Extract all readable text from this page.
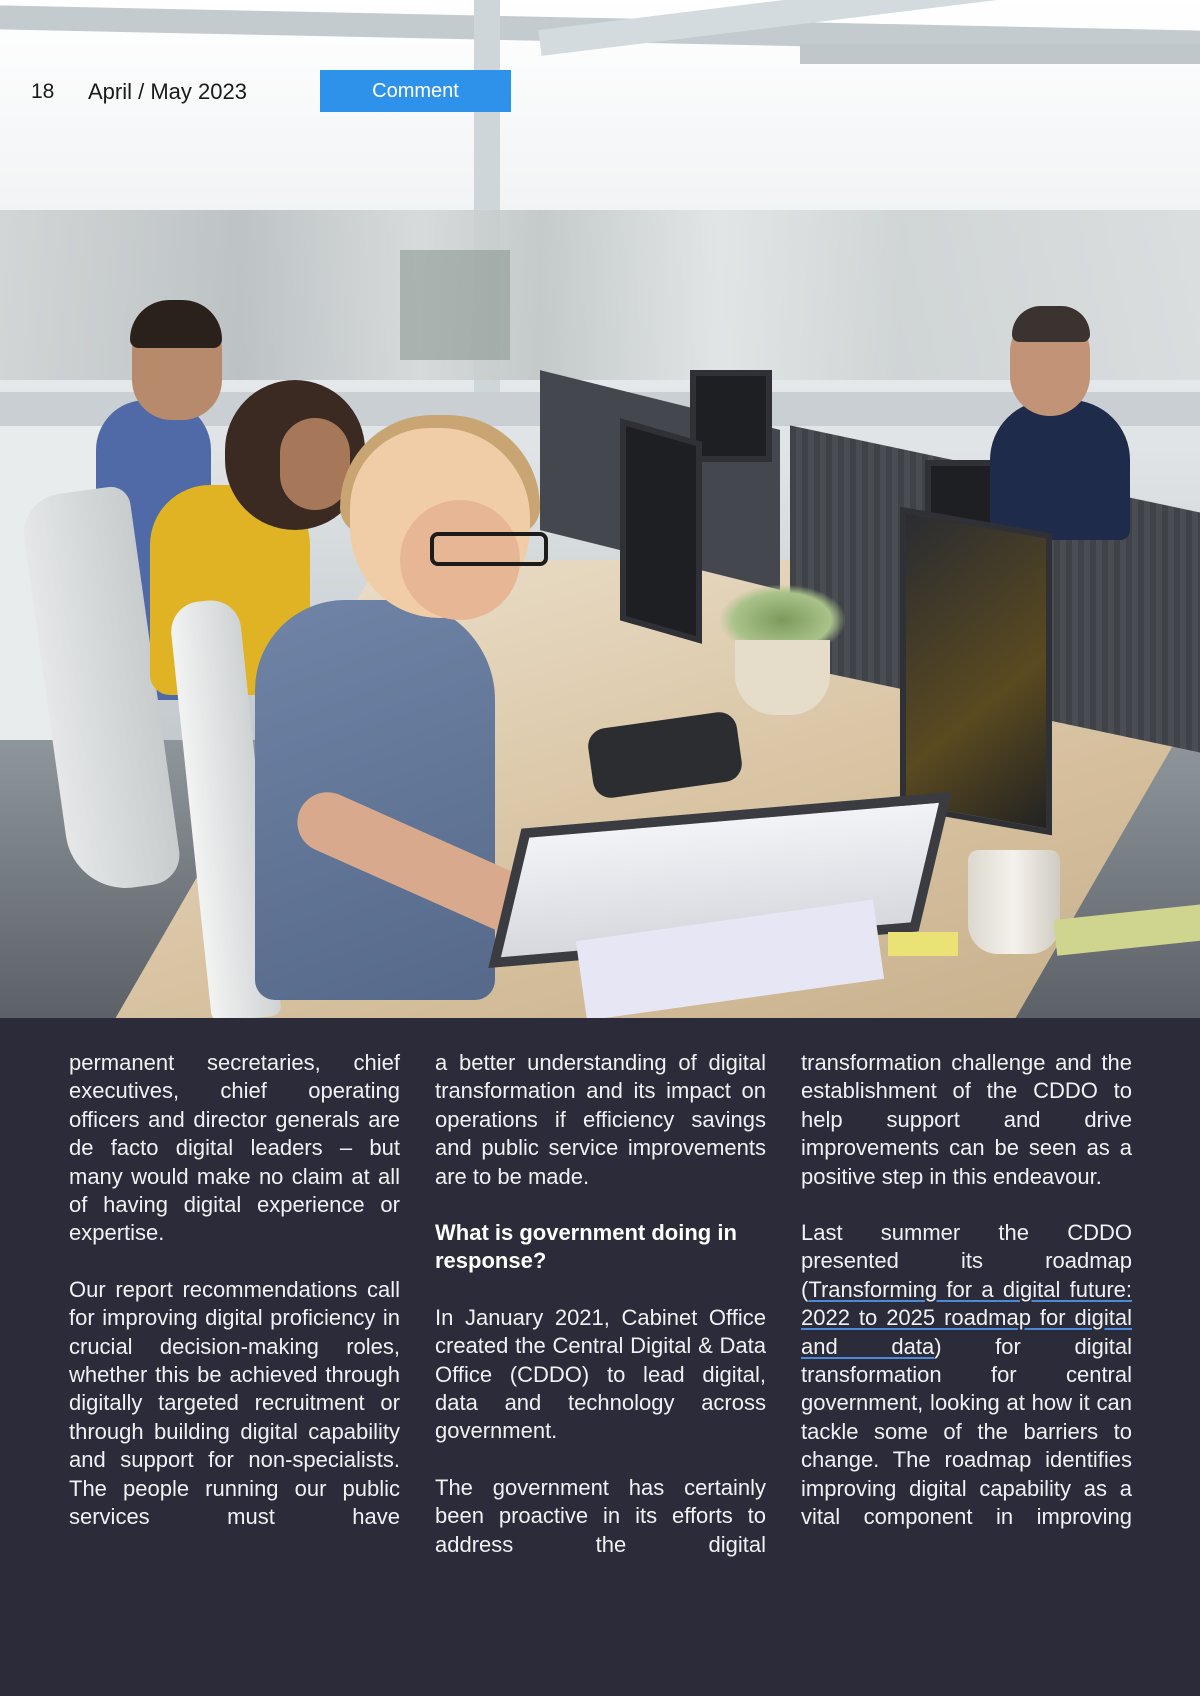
18 April / May 2023	Comment

permanent secretaries, chief executives, chief operating officers and director generals are de facto digital leaders – but many would make no claim at all of having digital experience or expertise.

Our report recommendations call for improving digital proficiency in crucial decision-making roles, whether this be achieved through digitally targeted recruitment or through building digital capability and support for non-specialists. The people running our public services must have

a better understanding of digital transformation and its impact on operations if efficiency savings and public service improvements are to be made.

What is government doing in response?

In January 2021, Cabinet Office created the Central Digital & Data Office (CDDO) to lead digital, data and technology across government.

The government has certainly been proactive in its efforts to address the digital

transformation challenge and the establishment of the CDDO to help support and drive improvements can be seen as a positive step in this endeavour.

Last summer the CDDO presented its roadmap (Transforming for a digital future: 2022 to 2025 roadmap for digital and data) for digital transformation for central government, looking at how it can tackle some of the barriers to change. The roadmap identifies improving digital capability as a vital component in improving
